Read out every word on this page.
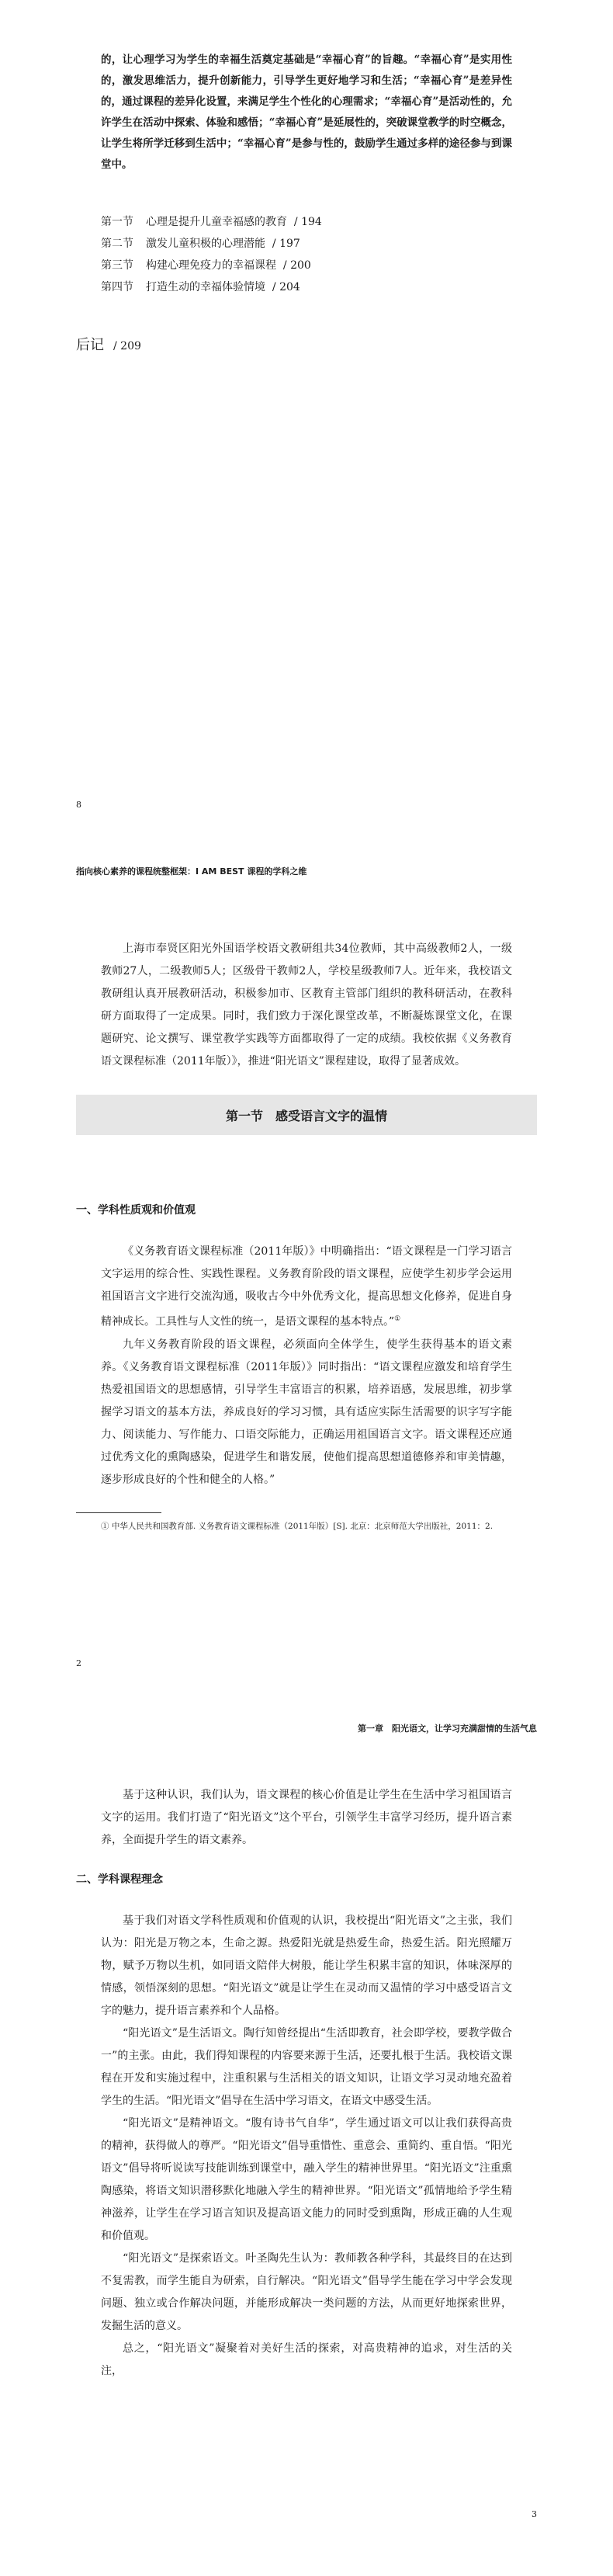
的，让心理学习为学生的幸福生活奠定基础是“幸福心育”的旨趣。“幸福心育”是实用性的，激发思维活力，提升创新能力，引导学生更好地学习和生活；“幸福心育”是差异性的，通过课程的差异化设置，来满足学生个性化的心理需求；“幸福心育”是活动性的，允许学生在活动中探索、体验和感悟；“幸福心育”是延展性的，突破课堂教学的时空概念，让学生将所学迁移到生活中；“幸福心育”是参与性的，鼓励学生通过多样的途径参与到课堂中。
第一节 心理是提升儿童幸福感的教育 / 194
第二节 激发儿童积极的心理潜能 / 197
第三节 构建心理免疫力的幸福课程 / 200
第四节 打造生动的幸福体验情境 / 204
后记 / 209
8
指向核心素养的课程统整框架：I AM BEST 课程的学科之维

上海市奉贤区阳光外国语学校语文教研组共34位教师，其中高级教师2人，一级教师27人，二级教师5人；区级骨干教师2人，学校星级教师7人。近年来，我校语文教研组认真开展教研活动，积极参加市、区教育主管部门组织的教科研活动，在教科研方面取得了一定成果。同时，我们致力于深化课堂改革，不断凝炼课堂文化，在课题研究、论文撰写、课堂教学实践等方面都取得了一定的成绩。我校依据《义务教育语文课程标准（2011年版）》，推进“阳光语文”课程建设，取得了显著成效。

第一节　感受语言文字的温情
一、学科性质观和价值观

《义务教育语文课程标准（2011年版）》中明确指出：“语文课程是一门学习语言文字运用的综合性、实践性课程。义务教育阶段的语文课程，应使学生初步学会运用祖国语言文字进行交流沟通，吸收古今中外优秀文化，提高思想文化修养，促进自身精神成长。工具性与人文性的统一，是语文课程的基本特点。”①

九年义务教育阶段的语文课程，必须面向全体学生，使学生获得基本的语文素养。《义务教育语文课程标准（2011年版）》同时指出：“语文课程应激发和培育学生热爱祖国语文的思想感情，引导学生丰富语言的积累，培养语感，发展思维，初步掌握学习语文的基本方法，养成良好的学习习惯，具有适应实际生活需要的识字写字能力、阅读能力、写作能力、口语交际能力，正确运用祖国语言文字。语文课程还应通过优秀文化的熏陶感染，促进学生和谐发展，使他们提高思想道德修养和审美情趣，逐步形成良好的个性和健全的人格。”

① 中华人民共和国教育部. 义务教育语文课程标准（2011年版）[S]. 北京：北京师范大学出版社，2011：2.
2
第一章　阳光语文，让学习充满甜情的生活气息

基于这种认识，我们认为，语文课程的核心价值是让学生在生活中学习祖国语言文字的运用。我们打造了“阳光语文”这个平台，引领学生丰富学习经历，提升语言素养，全面提升学生的语文素养。

二、学科课程理念

基于我们对语文学科性质观和价值观的认识，我校提出“阳光语文”之主张，我们认为：阳光是万物之本，生命之源。热爱阳光就是热爱生命，热爱生活。阳光照耀万物，赋予万物以生机，如同语文陪伴大树般，能让学生积累丰富的知识，体味深厚的情感，领悟深刻的思想。“阳光语文”就是让学生在灵动而又温情的学习中感受语言文字的魅力，提升语言素养和个人品格。

“阳光语文”是生活语文。陶行知曾经提出“生活即教育，社会即学校，要教学做合一”的主张。由此，我们得知课程的内容要来源于生活，还要扎根于生活。我校语文课程在开发和实施过程中，注重积累与生活相关的语文知识，让语文学习灵动地充盈着学生的生活。“阳光语文”倡导在生活中学习语文，在语文中感受生活。

“阳光语文”是精神语文。“腹有诗书气自华”，学生通过语文可以让我们获得高贵的精神，获得做人的尊严。“阳光语文”倡导重惜性、重意会、重简约、重自悟。“阳光语文”倡导将听说读写技能训练到课堂中，融入学生的精神世界里。“阳光语文”注重熏陶感染，将语文知识潜移默化地融入学生的精神世界。“阳光语文”孤情地给予学生精神滋养，让学生在学习语言知识及提高语文能力的同时受到熏陶，形成正确的人生观和价值观。

“阳光语文”是探索语文。叶圣陶先生认为：教师教各种学科，其最终目的在达到不复需教，而学生能自为研索，自行解决。“阳光语文”倡导学生能在学习中学会发现问题、独立或合作解决问题，并能形成解决一类问题的方法，从而更好地探索世界，发掘生活的意义。

总之，“阳光语文”凝聚着对美好生活的探索，对高贵精神的追求，对生活的关注，

3
